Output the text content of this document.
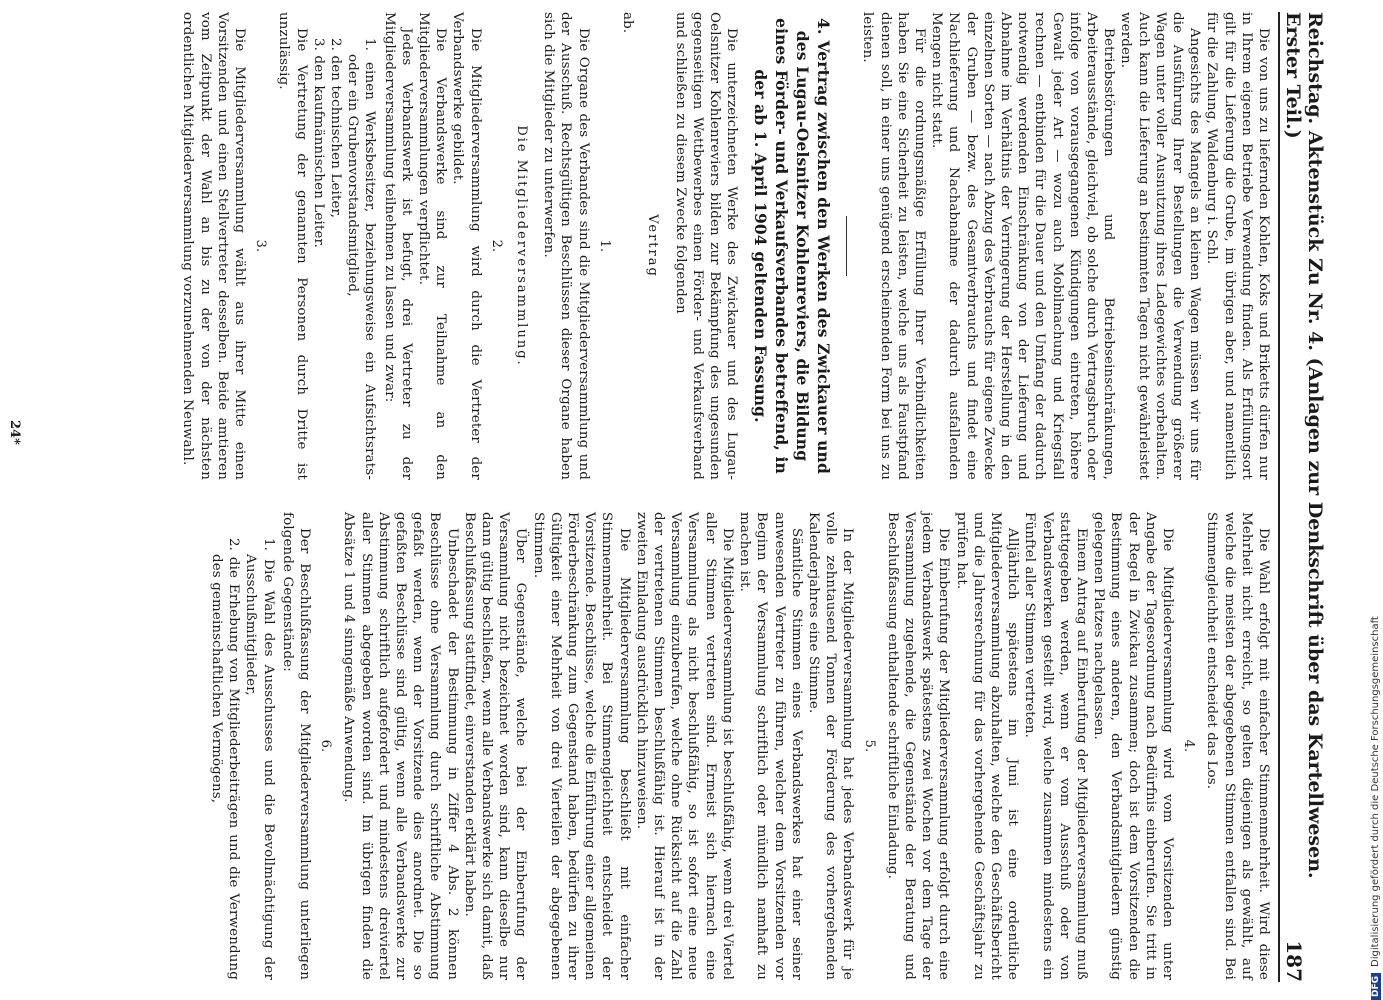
Reichstag. Aktenstück Zu Nr. 4. (Anlagen zur Denkschrift über das Kartellwesen. Erster Teil.)
187

Die von uns zu liefernden Kohlen, Koks und Briketts dürfen nur in Ihrem eigenen Betriebe Verwendung finden. Als Erfüllungsort gilt für die Lieferung die Grube, im übrigen aber, und namentlich für die Zahlung, Waldenburg i. Schl.

Angesichts des Mangels an kleinen Wagen müssen wir uns für die Ausführung Ihrer Bestellungen die Verwendung größerer Wagen unter voller Ausnutzung ihres Ladegewichtes vorbehalten. Auch kann die Lieferung an bestimmten Tagen nicht gewährleistet werden.

Betriebsstörungen und Betriebseinschränkungen, Arbeiterausstände, gleichviel, ob solche durch Vertragsbruch oder infolge von vorausgegangenen Kündigungen eintreten, höhere Gewalt jeder Art — wozu auch Mobilmachung und Kriegsfall rechnen — entbinden für die Dauer und den Umfang der dadurch notwendig werdenden Einschränkung von der Lieferung und Abnahme im Verhältnis der Verringerung der Herstellung in den einzelnen Sorten — nach Abzug des Verbrauchs für eigene Zwecke der Gruben — bezw. des Gesamtverbrauchs und findet eine Nachlieferung und Nachabnahme der dadurch ausfallenden Mengen nicht statt.

Für die ordnungsmäßige Erfüllung Ihrer Verbindlichkeiten haben Sie eine Sicherheit zu leisten, welche uns als Faustpfand dienen soll, in einer uns genügend erscheinenden Form bei uns zu leisten.

4.Vertrag zwischen den Werken des Zwickauer und des Lugau-Oelsnitzer Kohlenreviers, die Bildung eines Förder- und Verkaufsverbandes betreffend, in der ab 1. April 1904 geltenden Fassung.

Die unterzeichneten Werke des Zwickauer und des Lugau-Oelsnitzer Kohlenreviers bilden zur Bekämpfung des ungesunden gegenseitigen Wettbewerbes einen Förder- und Verkaufsverband und schließen zu diesem Zwecke folgenden

Vertrag

ab.

1.

Die Organe des Verbandes sind die Mitgliederversammlung und der Ausschuß. Rechtsgültigen Beschlüssen dieser Organe haben sich die Mitglieder zu unterwerfen.

Die Mitgliederversammlung.
2.

Die Mitgliederversammlung wird durch die Vertreter der Verbandswerke gebildet.

Die Verbandswerke sind zur Teilnahme an den Mitgliederversammlungen verpflichtet.

Jedes Verbandswerk ist befugt, drei Vertreter zu der Mitgliederversammlung teilnehmen zu lassen und zwar:

1. einen Werksbesitzer, beziehungsweise ein Aufsichtsrats- oder ein Grubenvorstandsmitglied,
2. den technischen Leiter,
3. den kaufmännischen Leiter.

Die Vertretung der genannten Personen durch Dritte ist unzulässig.

3.

Die Mitgliederversammlung wählt aus ihrer Mitte einen Vorsitzenden und einen Stellvertreter desselben. Beide amtieren vom Zeitpunkt der Wahl an bis zu der von der nächsten ordentlichen Mitgliederversammlung vorzunehmenden Neuwahl.

Die Wahl erfolgt mit einfacher Stimmenmehrheit. Wird diese Mehrheit nicht erreicht, so gelten diejenigen als gewählt, auf welche die meisten der abgegebenen Stimmen entfallen sind. Bei Stimmengleichheit entscheidet das Los.

4.

Die Mitgliederversammlung wird vom Vorsitzenden unter Angabe der Tagesordnung nach Bedürfnis einberufen. Sie tritt in der Regel in Zwickau zusammen; doch ist dem Vorsitzenden die Bestimmung eines anderen, den Verbandsmitgliedern günstig gelegenen Platzes nachgelassen.

Einem Antrag auf Einberufung der Mitgliederversammlung muß stattgegeben werden, wenn er vom Ausschuß oder von Verbandswerken gestellt wird, welche zusammen mindestens ein Fünftel aller Stimmen vertreten.

Alljährlich spätestens im Juni ist eine ordentliche Mitgliederversammlung abzuhalten, welche den Geschäftsbericht und die Jahresrechnung für das vorhergehende Geschäftsjahr zu prüfen hat.

Die Einberufung der Mitgliederversammlung erfolgt durch eine jedem Verbandswerk spätestens zwei Wochen vor dem Tage der Versammlung zugehende, die Gegenstände der Beratung und Beschlußfassung enthaltende schriftliche Einladung.

5.

In der Mitgliederversammlung hat jedes Verbandswerk für je volle zehntausend Tonnen der Förderung des vorhergehenden Kalenderjahres eine Stimme.

Sämtliche Stimmen eines Verbandswerkes hat einer seiner anwesenden Vertreter zu führen, welcher dem Vorsitzenden vor Beginn der Versammlung schriftlich oder mündlich namhaft zu machen ist.

Die Mitgliederversammlung ist beschlußfähig, wenn drei Viertel aller Stimmen vertreten sind. Ermeist sich hiernach eine Versammlung als nicht beschlußfähig, so ist sofort eine neue Versammlung einzuberufen, welche ohne Rücksicht auf die Zahl der vertretenen Stimmen beschlußfähig ist. Hierauf ist in der zweiten Einladung ausdrücklich hinzuweisen.

Die Mitgliederversammlung beschließt mit einfacher Stimmenmehrheit. Bei Stimmengleichheit entscheidet der Vorsitzende. Beschlüsse, welche die Einführung einer allgemeinen Förderbeschränkung zum Gegenstand haben, bedürfen zu ihrer Gültigkeit einer Mehrheit von drei Vierteilen der abgegebenen Stimmen.

Über Gegenstände, welche bei der Einberufung der Versammlung nicht bezeichnet worden sind, kann dieselbe nur dann gültig beschließen, wenn alle Verbandswerke sich damit, daß Beschlußfassung stattfindet, einverstanden erklärt haben.

Unbeschadet der Bestimmung in Ziffer 4 Abs. 2 können Beschlüsse ohne Versammlung durch schriftliche Abstimmung gefaßt werden, wenn der Vorsitzende dies anordnet. Die so gefaßten Beschlüsse sind gültig, wenn alle Verbandswerke zur Abstimmung schriftlich aufgefordert und mindestens dreiviertel aller Stimmen abgegeben worden sind. Im übrigen finden die Absätze 1 und 4 sinngemäße Anwendung.

6.

Der Beschlußfassung der Mitgliederversammlung unterliegen folgende Gegenstände:

1. Die Wahl des Ausschusses und die Bevollmächtigung der Ausschußmitglieder,
2. die Erhebung von Mitgliederbeiträgen und die Verwendung des gemeinschaftlichen Vermögens,
24*
DFGDigitalisierung gefördert durch die Deutsche Forschungsgemeinschaft
